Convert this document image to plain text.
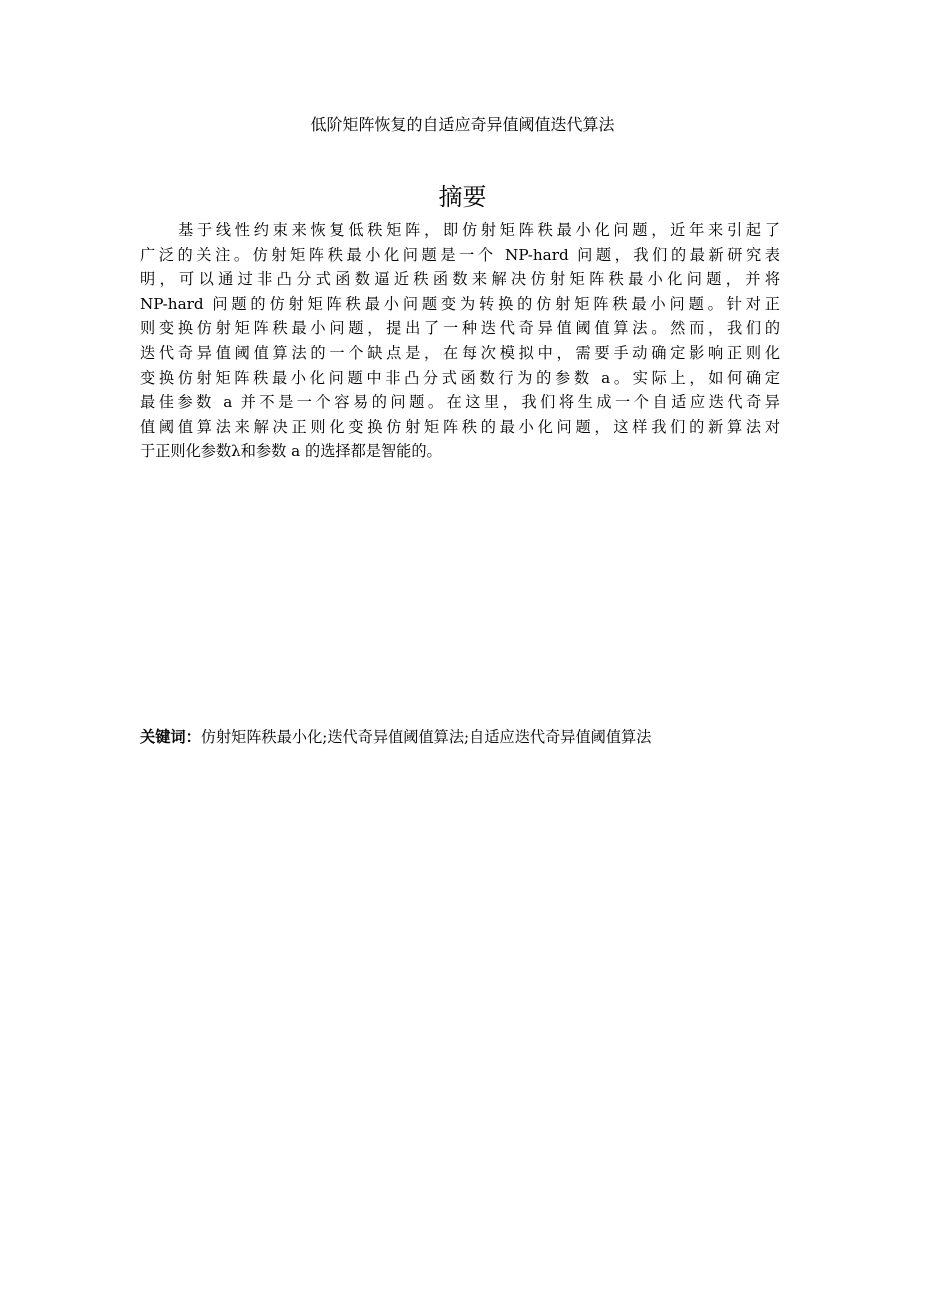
低阶矩阵恢复的自适应奇异值阈值迭代算法
摘要
基于线性约束来恢复低秩矩阵，即仿射矩阵秩最小化问题，近年来引起了
广泛的关注。仿射矩阵秩最小化问题是一个 NP-hard 问题，我们的最新研究表
明，可以通过非凸分式函数逼近秩函数来解决仿射矩阵秩最小化问题，并将
NP-hard 问题的仿射矩阵秩最小问题变为转换的仿射矩阵秩最小问题。针对正
则变换仿射矩阵秩最小问题，提出了一种迭代奇异值阈值算法。然而，我们的
迭代奇异值阈值算法的一个缺点是，在每次模拟中，需要手动确定影响正则化
变换仿射矩阵秩最小化问题中非凸分式函数行为的参数 a。实际上，如何确定
最佳参数 a 并不是一个容易的问题。在这里，我们将生成一个自适应迭代奇异
值阈值算法来解决正则化变换仿射矩阵秩的最小化问题，这样我们的新算法对
于正则化参数λ和参数 a 的选择都是智能的。
关键词：仿射矩阵秩最小化;迭代奇异值阈值算法;自适应迭代奇异值阈值算法
